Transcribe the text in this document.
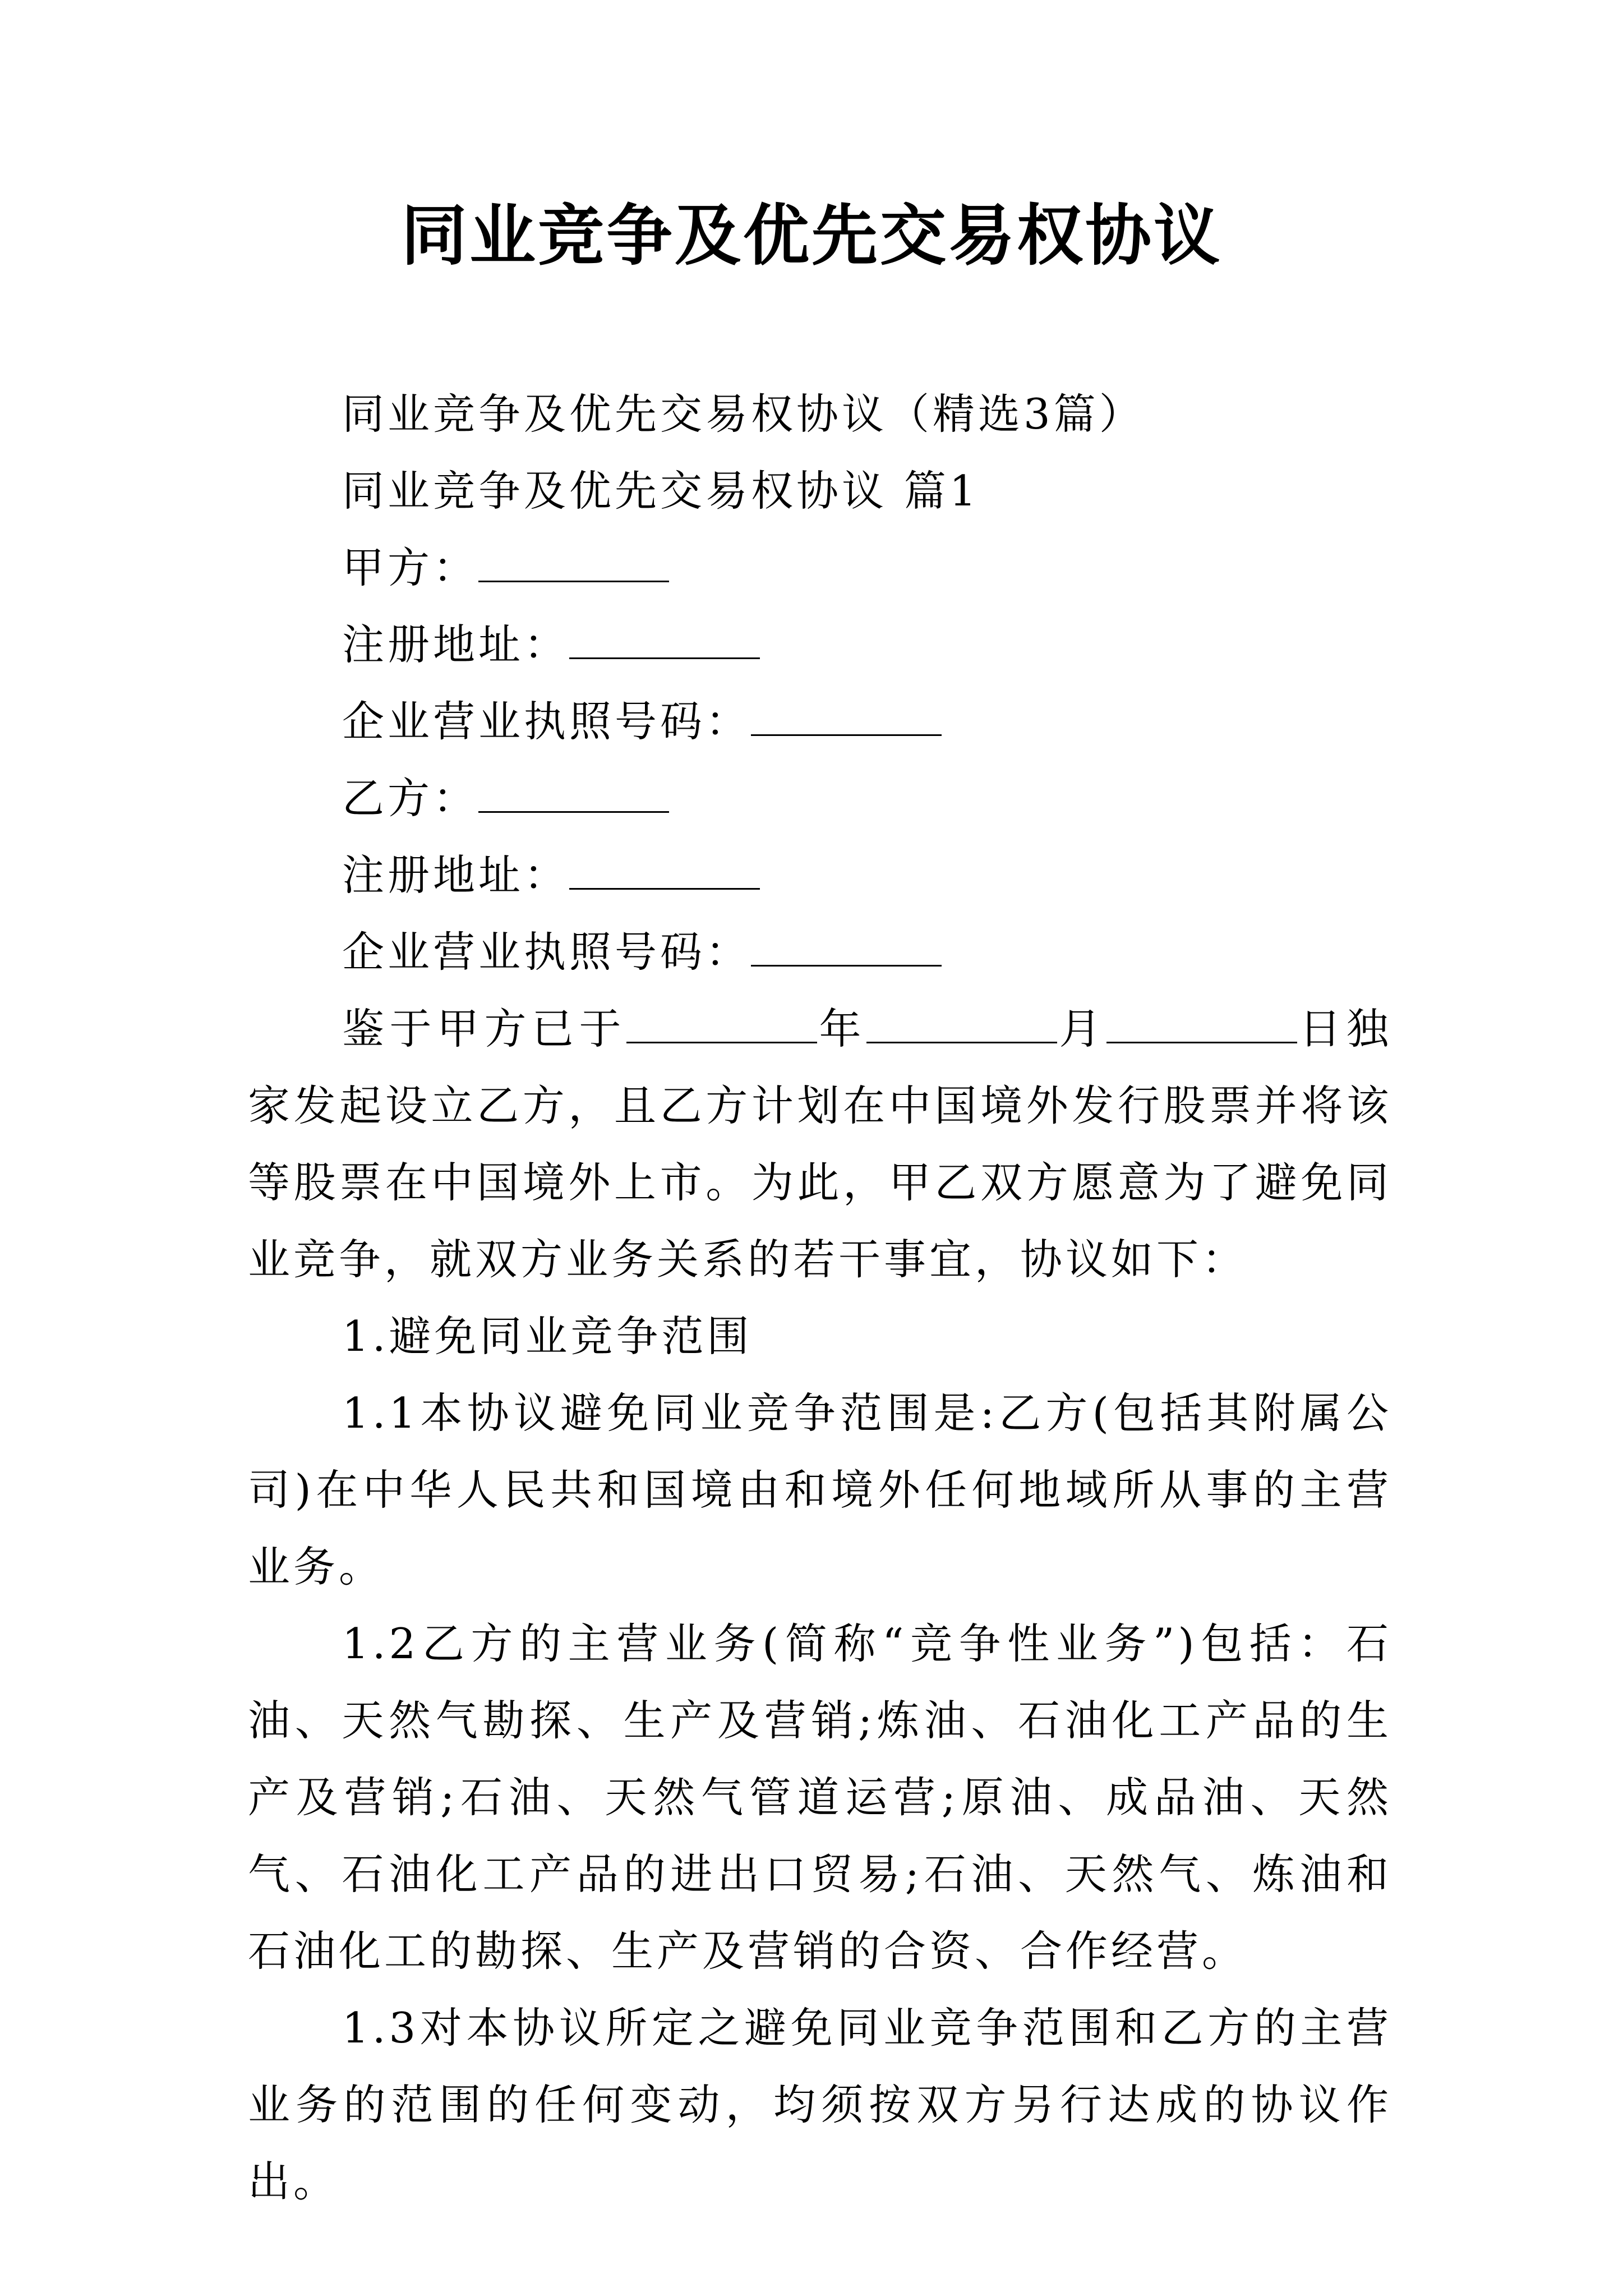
同业竞争及优先交易权协议

同业竞争及优先交易权协议（精选3篇）

同业竞争及优先交易权协议 篇1

甲方：

注册地址：

企业营业执照号码：

乙方：

注册地址：

企业营业执照号码：

鉴于甲方已于	年	月	日独家发起设立乙方，且乙方计划在中国境外发行股票并将该等股票在中国境外上市。为此，甲乙双方愿意为了避免同业竞争，就双方业务关系的若干事宜，协议如下：

1.避免同业竞争范围

1.1本协议避免同业竞争范围是:乙方(包括其附属公司)在中华人民共和国境由和境外任何地域所从事的主营业务。

1.2乙方的主营业务(简称“竞争性业务”)包括：石油、天然气勘探、生产及营销;炼油、石油化工产品的生产及营销;石油、天然气管道运营;原油、成品油、天然气、石油化工产品的进出口贸易;石油、天然气、炼油和石油化工的勘探、生产及营销的合资、合作经营。

1.3对本协议所定之避免同业竞争范围和乙方的主营业务的范围的任何变动，均须按双方另行达成的协议作出。
